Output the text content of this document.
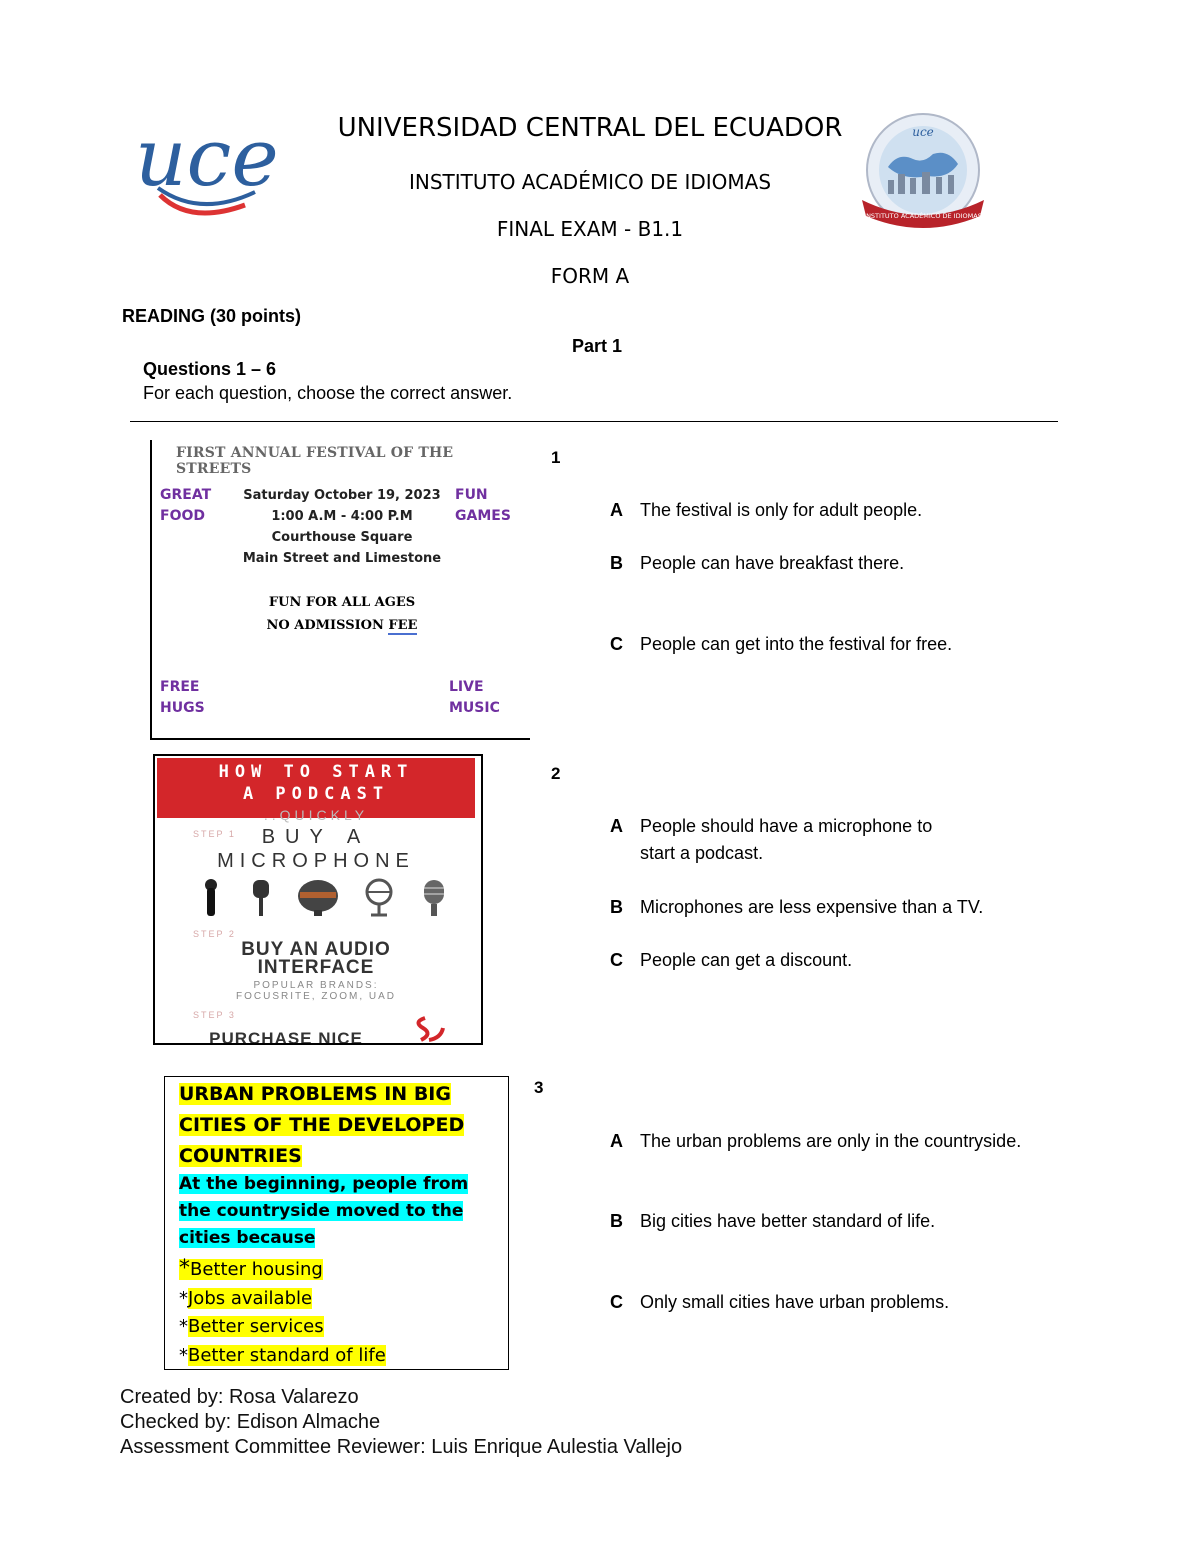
uce	uce
INSTITUTO ACADÉMICO DE IDIOMAS
UNIVERSIDAD CENTRAL DEL ECUADOR
INSTITUTO ACADÉMICO DE IDIOMAS
FINAL EXAM - B1.1
FORM A
READING (30 points)
Part 1
Questions 1 – 6
For each question, choose the correct answer.
FIRST ANNUAL FESTIVAL OF THE STREETS
GREAT
FOOD
FUN
GAMES
Saturday October 19, 2023
1:00 A.M - 4:00 P.M
Courthouse Square
Main Street and Limestone
FUN FOR ALL AGES
NO ADMISSION FEE
FREE
HUGS
LIVE
MUSIC
1
A The festival is only for adult people.
B People can have breakfast there.
C People can get into the festival for free.
HOW TO START
A PODCAST
..QUICKLY
STEP 1	BUY A
MICROPHONE
STEP 2
BUY AN AUDIO
INTERFACE
POPULAR BRANDS:
FOCUSRITE, ZOOM, UAD
STEP 3
PURCHASE NICE
2
A People should have a microphone to
start a podcast.
B Microphones are less expensive than a TV.
C People can get a discount.
URBAN PROBLEMS IN BIG
CITIES OF THE DEVELOPED
COUNTRIES
At the beginning, people from
the countryside moved to the
cities because
*Better housing
*Jobs available
*Better services
*Better standard of life
3
A The urban problems are only in the countryside.
B Big cities have better standard of life.
C Only small cities have urban problems.
Created by: Rosa Valarezo
Checked by: Edison Almache
Assessment Committee Reviewer: Luis Enrique Aulestia Vallejo
